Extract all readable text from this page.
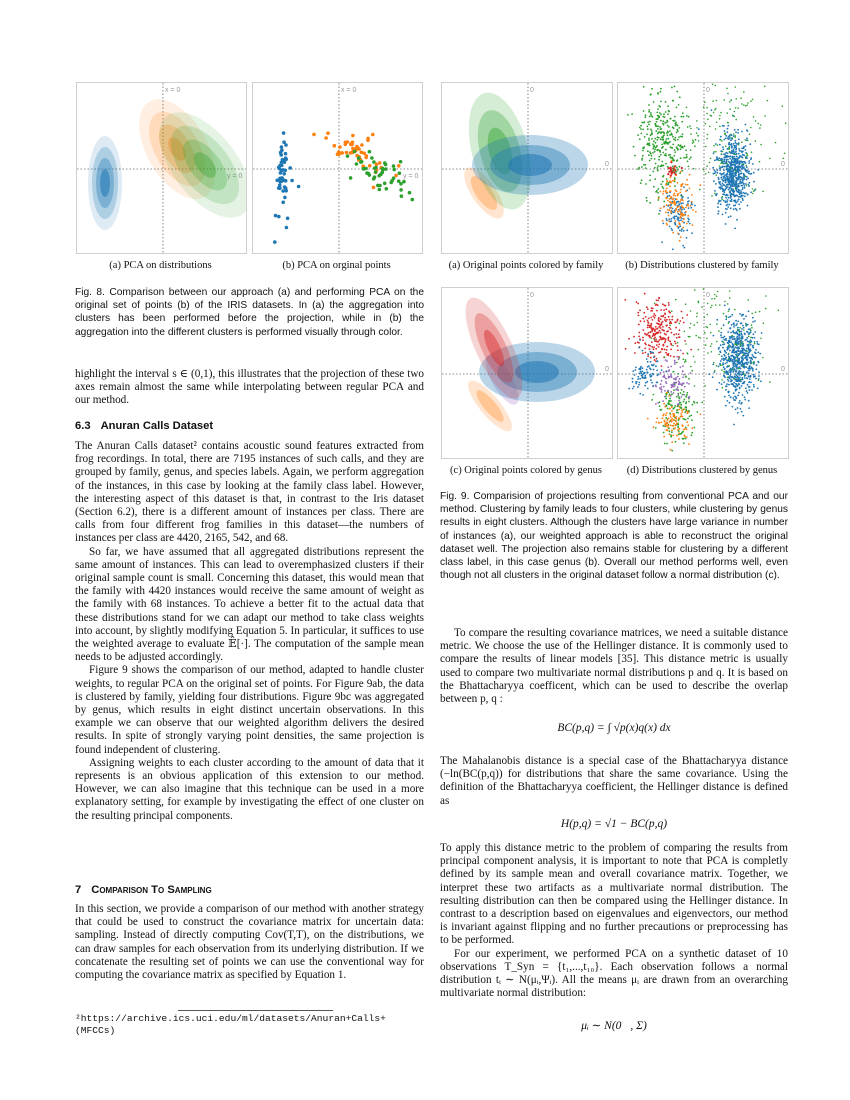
x = 0
y = 0
x = 0
y = 0
(a) PCA on distributions	(b) PCA on orginal points
Fig. 8. Comparison between our approach (a) and performing PCA on the original set of points (b) of the IRIS datasets. In (a) the aggregation into clusters has been performed before the projection, while in (b) the aggregation into the different clusters is performed visually through color.
0
0
0
0
(a) Original points colored by family	(b) Distributions clustered by family
0
0
0
0
(c) Original points colored by genus	(d) Distributions clustered by genus
Fig. 9. Comparision of projections resulting from conventional PCA and our method. Clustering by family leads to four clusters, while clustering by genus results in eight clusters. Although the clusters have large variance in number of instances (a), our weighted approach is able to reconstruct the original dataset well. The projection also remains stable for clustering by a different class label, in this case genus (b). Overall our method performs well, even though not all clusters in the original dataset follow a normal distribution (c).

highlight the interval s ∈ (0,1), this illustrates that the projection of these two axes remain almost the same while interpolating between regular PCA and our method.

6.3 Anuran Calls Dataset

The Anuran Calls dataset² contains acoustic sound features extracted from frog recordings. In total, there are 7195 instances of such calls, and they are grouped by family, genus, and species labels. Again, we perform aggregation of the instances, in this case by looking at the family class label. However, the interesting aspect of this dataset is that, in contrast to the Iris dataset (Section 6.2), there is a different amount of instances per class. There are calls from four different frog families in this dataset—the numbers of instances per class are 4420, 2165, 542, and 68.

So far, we have assumed that all aggregated distributions represent the same amount of instances. This can lead to overemphasized clusters if their original sample count is small. Concerning this dataset, this would mean that the family with 4420 instances would receive the same amount of weight as the family with 68 instances. To achieve a better fit to the actual data that these distributions stand for we can adapt our method to take class weights into account, by slightly modifying Equation 5. In particular, it suffices to use the weighted average to evaluate 𝔼̂[·]. The computation of the sample mean needs to be adjusted accordingly.

Figure 9 shows the comparison of our method, adapted to handle cluster weights, to regular PCA on the original set of points. For Figure 9ab, the data is clustered by family, yielding four distributions. Figure 9bc was aggregated by genus, which results in eight distinct uncertain observations. In this example we can observe that our weighted algorithm delivers the desired results. In spite of strongly varying point densities, the same projection is found independent of clustering.

Assigning weights to each cluster according to the amount of data that it represents is an obvious application of this extension to our method. However, we can also imagine that this technique can be used in a more explanatory setting, for example by investigating the effect of one cluster on the resulting principal components.

7 Comparison To Sampling

In this section, we provide a comparison of our method with another strategy that could be used to construct the covariance matrix for uncertain data: sampling. Instead of directly computing Cov(T,T), on the distributions, we can draw samples for each observation from its underlying distribution. If we concatenate the resulting set of points we can use the conventional way for computing the covariance matrix as specified by Equation 1.

²https://archive.ics.uci.edu/ml/datasets/Anuran+Calls+(MFCCs)

To compare the resulting covariance matrices, we need a suitable distance metric. We choose the use of the Hellinger distance. It is commonly used to compare the results of linear models [35]. This distance metric is usually used to compare two multivariate normal distributions p and q. It is based on the Bhattacharyya coefficent, which can be used to describe the overlap between p, q :

BC(p,q) = ∫ √p(x)q(x) dx

The Mahalanobis distance is a special case of the Bhattacharyya distance (−ln(BC(p,q)) for distributions that share the same covariance. Using the definition of the Bhattacharyya coefficient, the Hellinger distance is defined as

H(p,q) = √1 − BC(p,q)

To apply this distance metric to the problem of comparing the results from principal component analysis, it is important to note that PCA is completly defined by its sample mean and overall covariance matrix. Together, we interpret these two artifacts as a multivariate normal distribution. The resulting distribution can then be compared using the Hellinger distance. In contrast to a description based on eigenvalues and eigenvectors, our method is invariant against flipping and no further precautions or preprocessing has to be performed.

For our experiment, we performed PCA on a synthetic dataset of 10 observations T_Syn = {t₁,...,t₁₀}. Each observation follows a normal distribution tᵢ ∼ N(μᵢ,Ψᵢ). All the means μᵢ are drawn from an overarching multivariate normal distribution:

μᵢ ∼ N(0⃗, Σ)
